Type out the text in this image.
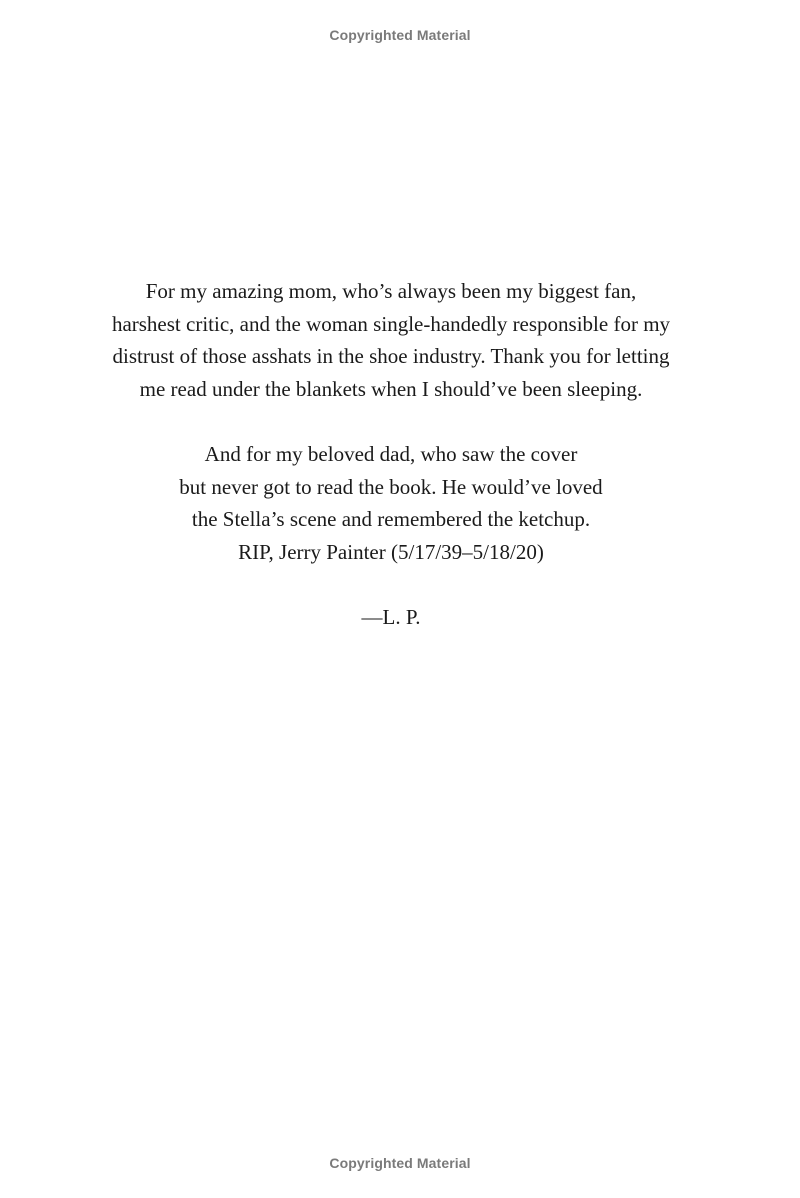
Copyrighted Material
For my amazing mom, who’s always been my biggest fan,
harshest critic, and the woman single-handedly responsible for my
distrust of those asshats in the shoe industry. Thank you for letting
me read under the blankets when I should’ve been sleeping.
And for my beloved dad, who saw the cover
but never got to read the book. He would’ve loved
the Stella’s scene and remembered the ketchup.
RIP, Jerry Painter (5/17/39–5/18/20)
—L. P.
Copyrighted Material
